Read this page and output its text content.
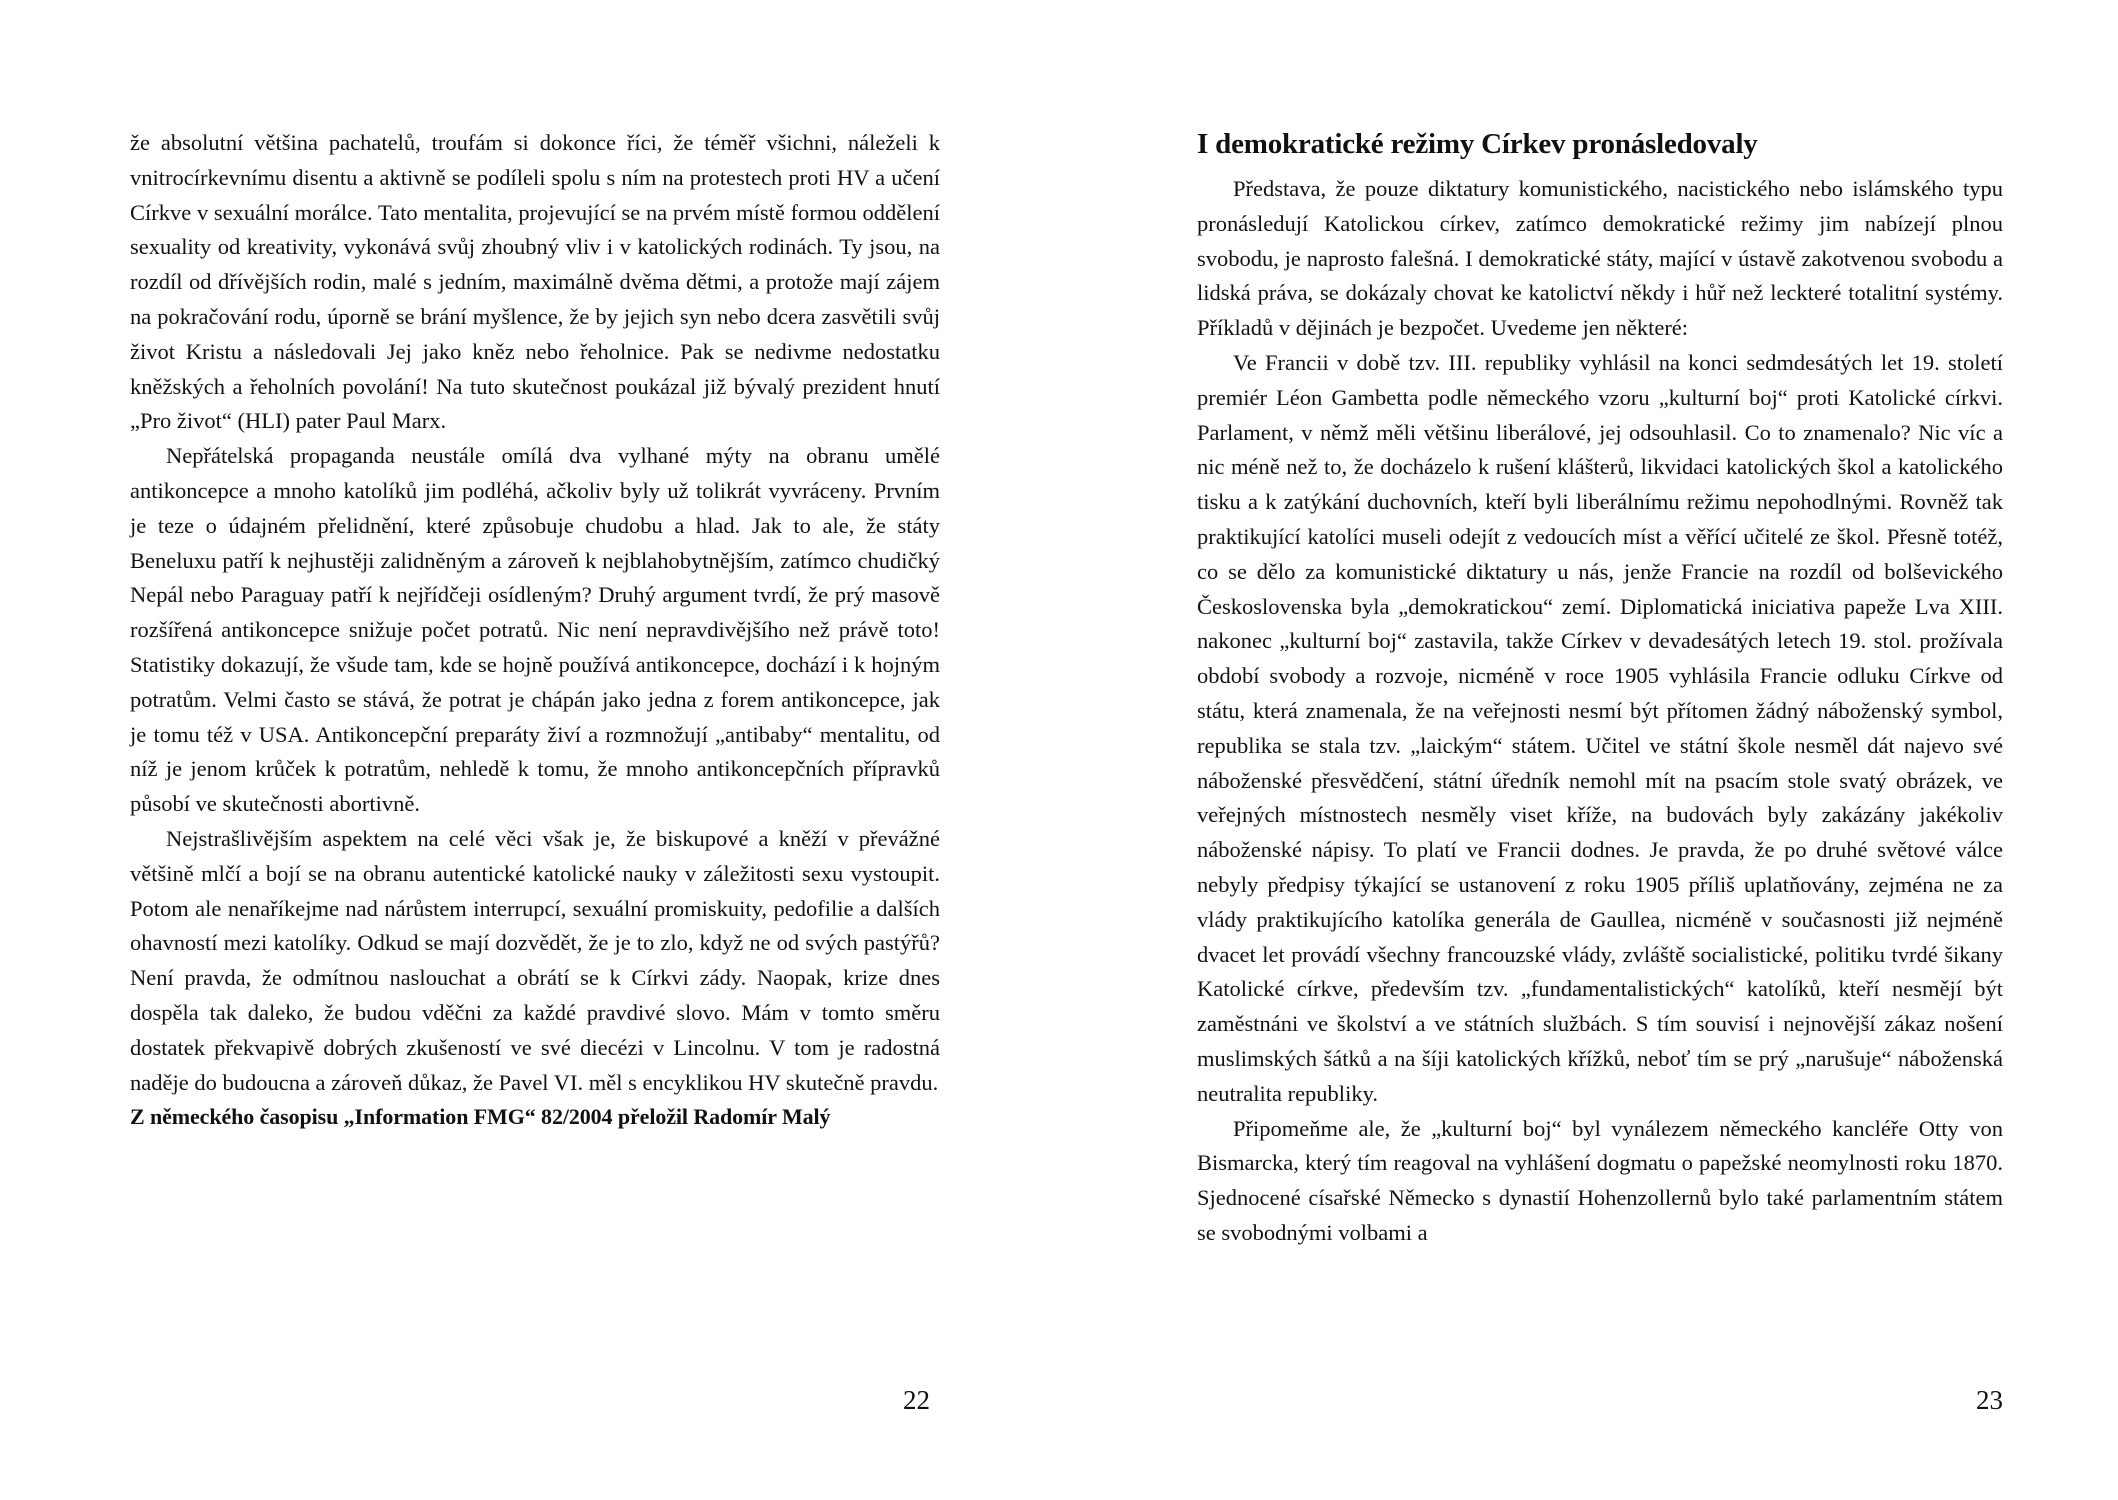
že absolutní většina pachatelů, troufám si dokonce říci, že téměř všichni, náleželi k vnitrocírkevnímu disentu a aktivně se podíleli spolu s ním na protestech proti HV a učení Církve v sexuální morálce. Tato mentalita, projevující se na prvém místě formou oddělení sexuality od kreativity, vykonává svůj zhoubný vliv i v katolických rodinách. Ty jsou, na rozdíl od dřívějších rodin, malé s jedním, maximálně dvěma dětmi, a protože mají zájem na pokračování rodu, úporně se brání myšlence, že by jejich syn nebo dcera zasvětili svůj život Kristu a následovali Jej jako kněz nebo řeholnice. Pak se nedivme nedostatku kněžských a řeholních povolání! Na tuto skutečnost poukázal již bývalý prezident hnutí „Pro život“ (HLI) pater Paul Marx.

Nepřátelská propaganda neustále omílá dva vylhané mýty na obranu umělé antikoncepce a mnoho katolíků jim podléhá, ačkoliv byly už tolikrát vyvráceny. Prvním je teze o údajném přelidnění, které způsobuje chudobu a hlad. Jak to ale, že státy Beneluxu patří k nejhustěji zalidněným a zároveň k nejblahobytnějším, zatímco chudičký Nepál nebo Paraguay patří k nejřídčeji osídleným? Druhý argument tvrdí, že prý masově rozšířená antikoncepce snižuje počet potratů. Nic není nepravdivějšího než právě toto! Statistiky dokazují, že všude tam, kde se hojně používá antikoncepce, dochází i k hojným potratům. Velmi často se stává, že potrat je chápán jako jedna z forem antikoncepce, jak je tomu též v USA. Antikoncepční preparáty živí a rozmnožují „antibaby“ mentalitu, od níž je jenom krůček k potratům, nehledě k tomu, že mnoho antikoncepčních přípravků působí ve skutečnosti abortivně.

Nejstrašlivějším aspektem na celé věci však je, že biskupové a kněží v převážné většině mlčí a bojí se na obranu autentické katolické nauky v záležitosti sexu vystoupit. Potom ale nenaříkejme nad nárůstem interrupcí, sexuální promiskuity, pedofilie a dalších ohavností mezi katolíky. Odkud se mají dozvědět, že je to zlo, když ne od svých pastýřů? Není pravda, že odmítnou naslouchat a obrátí se k Církvi zády. Naopak, krize dnes dospěla tak daleko, že budou vděčni za každé pravdivé slovo. Mám v tomto směru dostatek překvapivě dobrých zkušeností ve své diecézi v Lincolnu. V tom je radostná naděje do budoucna a zároveň důkaz, že Pavel VI. měl s encyklikou HV skutečně pravdu.

Z německého časopisu „Information FMG“ 82/2004 přeložil Radomír Malý

22
I demokratické režimy Církev pronásledovaly

Představa, že pouze diktatury komunistického, nacistického nebo islámského typu pronásledují Katolickou církev, zatímco demokratické režimy jim nabízejí plnou svobodu, je naprosto falešná. I demokratické státy, mající v ústavě zakotvenou svobodu a lidská práva, se dokázaly chovat ke katolictví někdy i hůř než leckteré totalitní systémy. Příkladů v dějinách je bezpočet. Uvedeme jen některé:

Ve Francii v době tzv. III. republiky vyhlásil na konci sedmdesátých let 19. století premiér Léon Gambetta podle německého vzoru „kulturní boj“ proti Katolické církvi. Parlament, v němž měli většinu liberálové, jej odsouhlasil. Co to znamenalo? Nic víc a nic méně než to, že docházelo k rušení klášterů, likvidaci katolických škol a katolického tisku a k zatýkání duchovních, kteří byli liberálnímu režimu nepohodlnými. Rovněž tak praktikující katolíci museli odejít z vedoucích míst a věřící učitelé ze škol. Přesně totéž, co se dělo za komunistické diktatury u nás, jenže Francie na rozdíl od bolševického Československa byla „demokratickou“ zemí. Diplomatická iniciativa papeže Lva XIII. nakonec „kulturní boj“ zastavila, takže Církev v devadesátých letech 19. stol. prožívala období svobody a rozvoje, nicméně v roce 1905 vyhlásila Francie odluku Církve od státu, která znamenala, že na veřejnosti nesmí být přítomen žádný náboženský symbol, republika se stala tzv. „laickým“ státem. Učitel ve státní škole nesměl dát najevo své náboženské přesvědčení, státní úředník nemohl mít na psacím stole svatý obrázek, ve veřejných místnostech nesměly viset kříže, na budovách byly zakázány jakékoliv náboženské nápisy. To platí ve Francii dodnes. Je pravda, že po druhé světové válce nebyly předpisy týkající se ustanovení z roku 1905 příliš uplatňovány, zejména ne za vlády praktikujícího katolíka generála de Gaullea, nicméně v současnosti již nejméně dvacet let provádí všechny francouzské vlády, zvláště socialistické, politiku tvrdé šikany Katolické církve, především tzv. „fundamentalistických“ katolíků, kteří nesmějí být zaměstnáni ve školství a ve státních službách. S tím souvisí i nejnovější zákaz nošení muslimských šátků a na šíji katolických křížků, neboť tím se prý „narušuje“ náboženská neutralita republiky.

Připomeňme ale, že „kulturní boj“ byl vynálezem německého kancléře Otty von Bismarcka, který tím reagoval na vyhlášení dogmatu o papežské neomylnosti roku 1870. Sjednocené císařské Německo s dynastií Hohenzollernů bylo také parlamentním státem se svobodnými volbami a

23
